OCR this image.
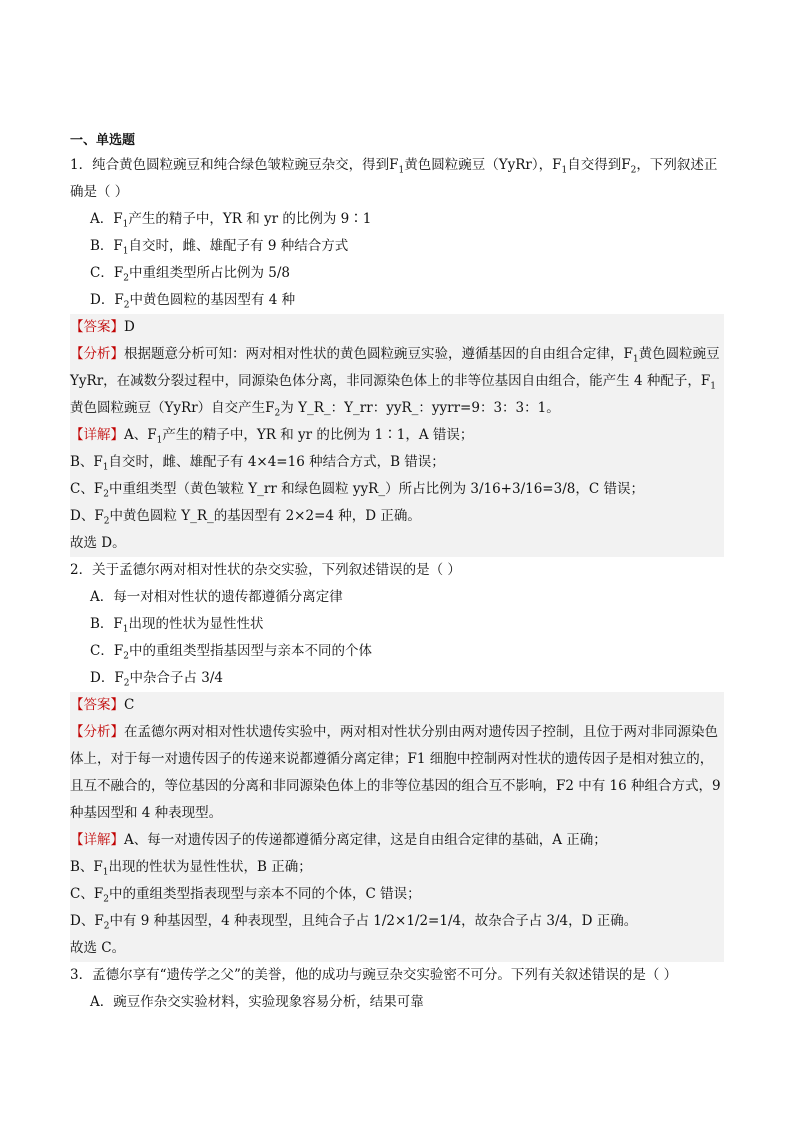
一、单选题
1．纯合黄色圆粒豌豆和纯合绿色皱粒豌豆杂交，得到$F_1$黄色圆粒豌豆（YyRr），$F_1$自交得到$F_2$，下列叙述正确是（ ）
A．$F_1$产生的精子中，YR 和 yr 的比例为 9∶1
B．$F_1$自交时，雌、雄配子有 9 种结合方式
C．$F_2$中重组类型所占比例为 5/8
D．$F_2$中黄色圆粒的基因型有 4 种

【答案】D

【分析】根据题意分析可知：两对相对性状的黄色圆粒豌豆实验，遵循基因的自由组合定律，$F_1$黄色圆粒豌豆 YyRr，在减数分裂过程中，同源染色体分离，非同源染色体上的非等位基因自由组合，能产生 4 种配子，$F_1$黄色圆粒豌豆（YyRr）自交产生$F_2$为 Y_R_：Y_rr：yyR_：yyrr=9：3：3：1。

【详解】A、$F_1$产生的精子中，YR 和 yr 的比例为 1∶1，A 错误；

B、$F_1$自交时，雌、雄配子有 4×4=16 种结合方式，B 错误；

C、$F_2$中重组类型（黄色皱粒 Y_rr 和绿色圆粒 yyR_）所占比例为 3/16+3/16=3/8，C 错误；

D、$F_2$中黄色圆粒 Y_R_的基因型有 2×2=4 种，D 正确。

故选 D。

2．关于孟德尔两对相对性状的杂交实验，下列叙述错误的是（ ）
A．每一对相对性状的遗传都遵循分离定律
B．$F_1$出现的性状为显性性状
C．$F_2$中的重组类型指基因型与亲本不同的个体
D．$F_2$中杂合子占 3/4

【答案】C

【分析】在孟德尔两对相对性状遗传实验中，两对相对性状分别由两对遗传因子控制，且位于两对非同源染色体上，对于每一对遗传因子的传递来说都遵循分离定律；F1 细胞中控制两对性状的遗传因子是相对独立的，且互不融合的，等位基因的分离和非同源染色体上的非等位基因的组合互不影响，F2 中有 16 种组合方式，9 种基因型和 4 种表现型。

【详解】A、每一对遗传因子的传递都遵循分离定律，这是自由组合定律的基础，A 正确；

B、$F_1$出现的性状为显性性状，B 正确；

C、$F_2$中的重组类型指表现型与亲本不同的个体，C 错误；

D、$F_2$中有 9 种基因型，4 种表现型，且纯合子占 1/2×1/2=1/4，故杂合子占 3/4，D 正确。

故选 C。

3．孟德尔享有“遗传学之父”的美誉，他的成功与豌豆杂交实验密不可分。下列有关叙述错误的是（ ）
A．豌豆作杂交实验材料，实验现象容易分析，结果可靠
